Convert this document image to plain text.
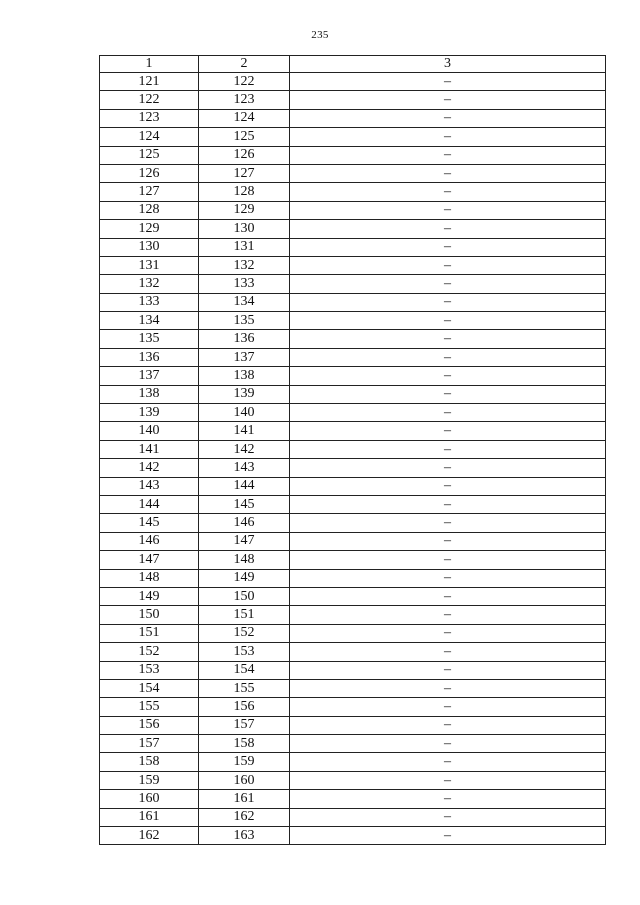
235
1	2	3
121	122	–
122	123	–
123	124	–
124	125	–
125	126	–
126	127	–
127	128	–
128	129	–
129	130	–
130	131	–
131	132	–
132	133	–
133	134	–
134	135	–
135	136	–
136	137	–
137	138	–
138	139	–
139	140	–
140	141	–
141	142	–
142	143	–
143	144	–
144	145	–
145	146	–
146	147	–
147	148	–
148	149	–
149	150	–
150	151	–
151	152	–
152	153	–
153	154	–
154	155	–
155	156	–
156	157	–
157	158	–
158	159	–
159	160	–
160	161	–
161	162	–
162	163	–
